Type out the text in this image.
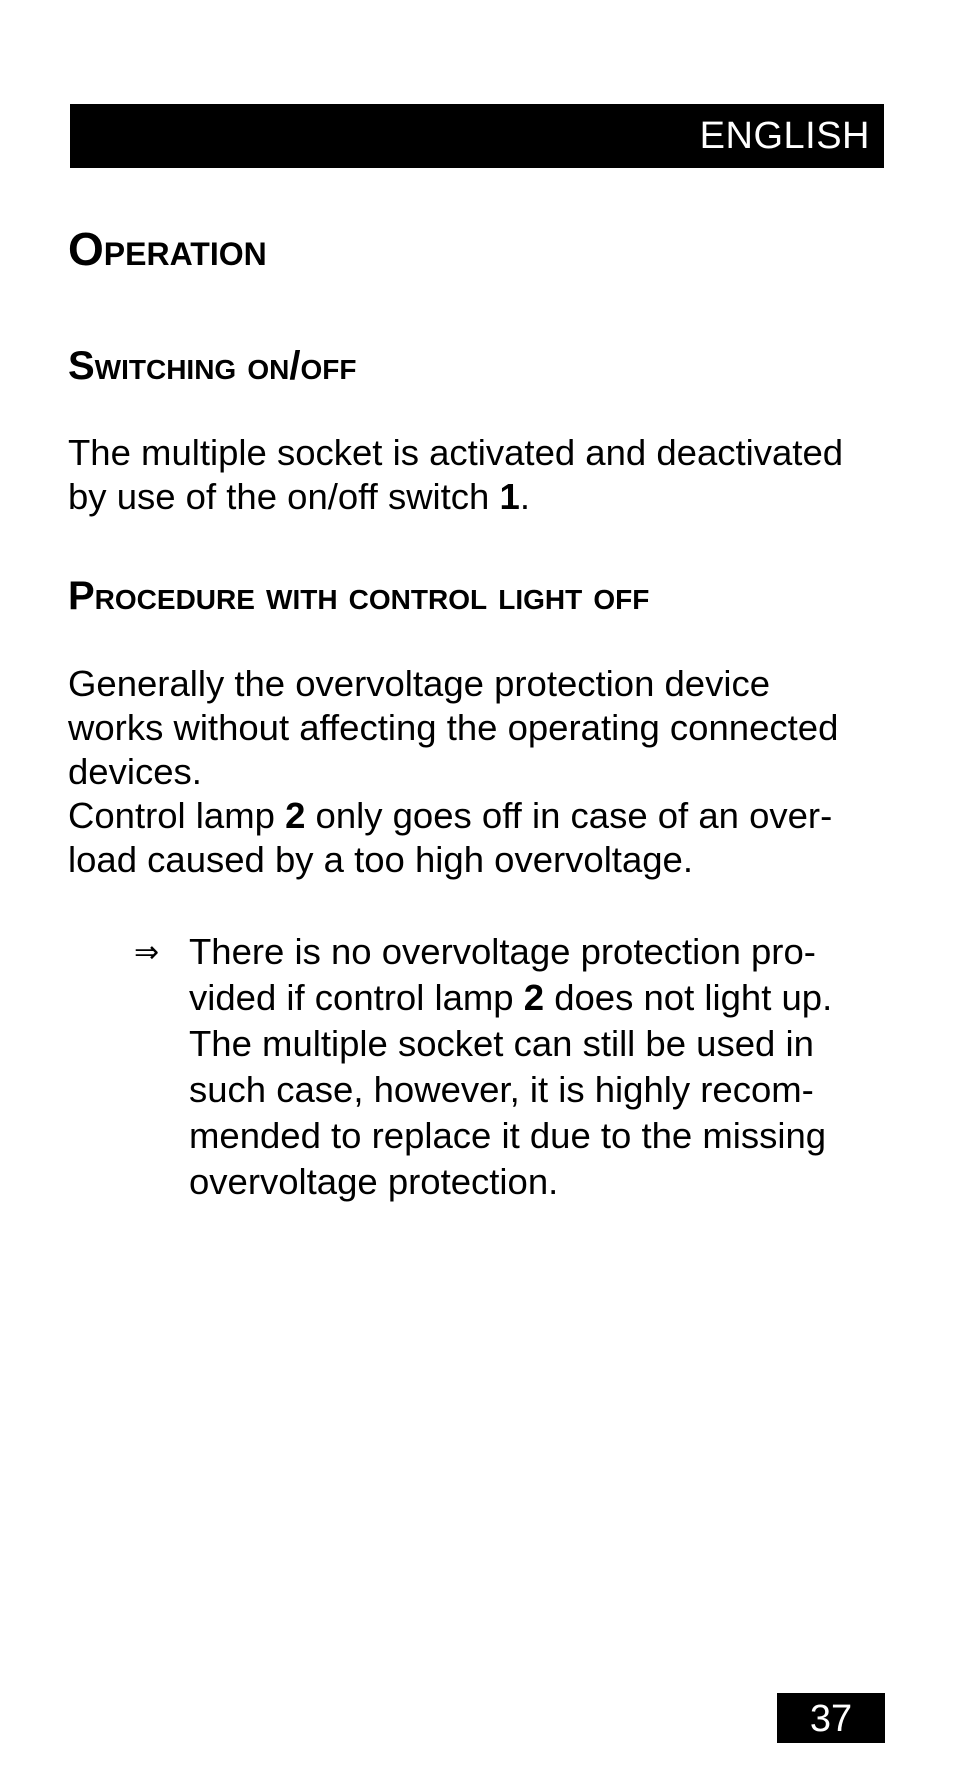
ENGLISH
Operation
Switching on/off

The multiple socket is activated and deactivated
by use of the on/off switch 1.

Procedure with control light off

Generally the overvoltage protection device
works without affecting the operating connected
devices.
Control lamp 2 only goes off in case of an over-
load caused by a too high overvoltage.

⇒ There is no overvoltage protection pro-
vided if control lamp 2 does not light up.
The multiple socket can still be used in
such case, however, it is highly recom-
mended to replace it due to the missing
overvoltage protection.

37
